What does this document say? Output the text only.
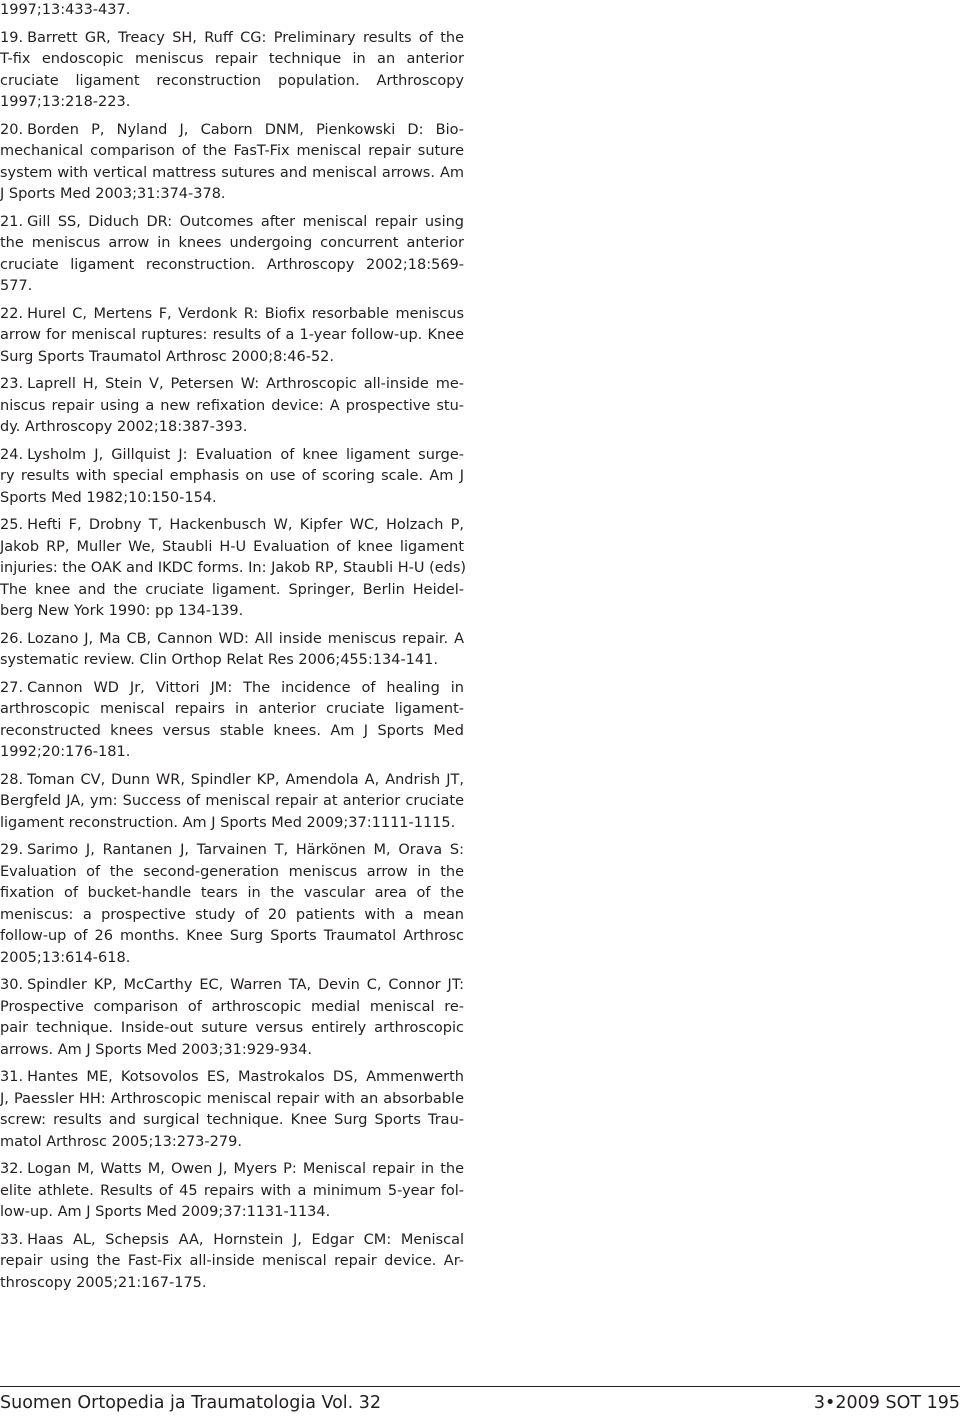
1997;13:433-437.
19. Barrett GR, Treacy SH, Ruff CG: Preliminary results of the
T-fix endoscopic meniscus repair technique in an anterior
cruciate ligament reconstruction population. Arthroscopy
1997;13:218-223.
20. Borden P, Nyland J, Caborn DNM, Pienkowski D: Bio-
mechanical comparison of the FasT-Fix meniscal repair suture
system with vertical mattress sutures and meniscal arrows. Am
J Sports Med 2003;31:374-378.
21. Gill SS, Diduch DR: Outcomes after meniscal repair using
the meniscus arrow in knees undergoing concurrent anterior
cruciate ligament reconstruction. Arthroscopy 2002;18:569-
577.
22. Hurel C, Mertens F, Verdonk R: Biofix resorbable meniscus
arrow for meniscal ruptures: results of a 1-year follow-up. Knee
Surg Sports Traumatol Arthrosc 2000;8:46-52.
23. Laprell H, Stein V, Petersen W: Arthroscopic all-inside me-
niscus repair using a new refixation device: A prospective stu-
dy. Arthroscopy 2002;18:387-393.
24. Lysholm J, Gillquist J: Evaluation of knee ligament surge-
ry results with special emphasis on use of scoring scale. Am J
Sports Med 1982;10:150-154.
25. Hefti F, Drobny T, Hackenbusch W, Kipfer WC, Holzach P,
Jakob RP, Muller We, Staubli H-U Evaluation of knee ligament
injuries: the OAK and IKDC forms. In: Jakob RP, Staubli H-U (eds)
The knee and the cruciate ligament. Springer, Berlin Heidel-
berg New York 1990: pp 134-139.
26. Lozano J, Ma CB, Cannon WD: All inside meniscus repair. A
systematic review. Clin Orthop Relat Res 2006;455:134-141.
27. Cannon WD Jr, Vittori JM: The incidence of healing in
arthroscopic meniscal repairs in anterior cruciate ligament-
reconstructed knees versus stable knees. Am J Sports Med
1992;20:176-181.
28. Toman CV, Dunn WR, Spindler KP, Amendola A, Andrish JT,
Bergfeld JA, ym: Success of meniscal repair at anterior cruciate
ligament reconstruction. Am J Sports Med 2009;37:1111-1115.
29. Sarimo J, Rantanen J, Tarvainen T, Härkönen M, Orava S:
Evaluation of the second-generation meniscus arrow in the
fixation of bucket-handle tears in the vascular area of the
meniscus: a prospective study of 20 patients with a mean
follow-up of 26 months. Knee Surg Sports Traumatol Arthrosc
2005;13:614-618.
30. Spindler KP, McCarthy EC, Warren TA, Devin C, Connor JT:
Prospective comparison of arthroscopic medial meniscal re-
pair technique. Inside-out suture versus entirely arthroscopic
arrows. Am J Sports Med 2003;31:929-934.
31. Hantes ME, Kotsovolos ES, Mastrokalos DS, Ammenwerth
J, Paessler HH: Arthroscopic meniscal repair with an absorbable
screw: results and surgical technique. Knee Surg Sports Trau-
matol Arthrosc 2005;13:273-279.
32. Logan M, Watts M, Owen J, Myers P: Meniscal repair in the
elite athlete. Results of 45 repairs with a minimum 5-year fol-
low-up. Am J Sports Med 2009;37:1131-1134.
33. Haas AL, Schepsis AA, Hornstein J, Edgar CM: Meniscal
repair using the Fast-Fix all-inside meniscal repair device. Ar-
throscopy 2005;21:167-175.
Suomen Ortopedia ja Traumatologia Vol. 32	3•2009 SOT 195
